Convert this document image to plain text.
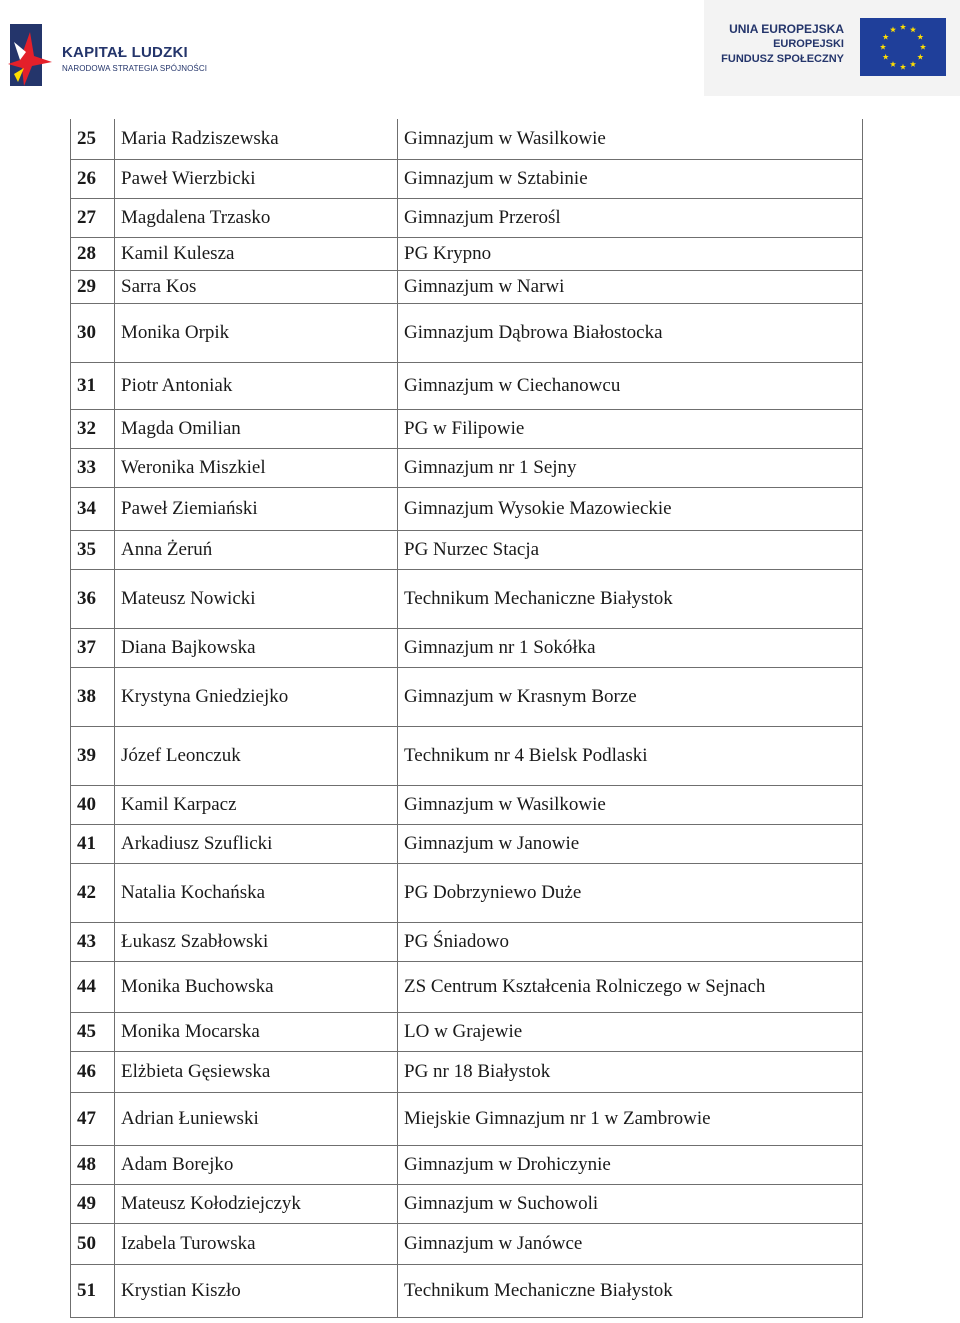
KAPITAŁ LUDZKI
NARODOWA STRATEGIA SPÓJNOŚCI
UNIA EUROPEJSKA
EUROPEJSKI
FUNDUSZ SPOŁECZNY
25	Maria Radziszewska	Gimnazjum w Wasilkowie
26	Paweł Wierzbicki	Gimnazjum w Sztabinie
27	Magdalena Trzasko	Gimnazjum Przerośl
28	Kamil Kulesza	PG Krypno
29	Sarra Kos	Gimnazjum w Narwi
30	Monika Orpik	Gimnazjum Dąbrowa Białostocka
31	Piotr Antoniak	Gimnazjum w Ciechanowcu
32	Magda Omilian	PG w Filipowie
33	Weronika Miszkiel	Gimnazjum nr 1 Sejny
34	Paweł Ziemiański	Gimnazjum Wysokie Mazowieckie
35	Anna Żeruń	PG Nurzec Stacja
36	Mateusz Nowicki	Technikum Mechaniczne Białystok
37	Diana Bajkowska	Gimnazjum nr 1 Sokółka
38	Krystyna Gniedziejko	Gimnazjum w Krasnym Borze
39	Józef Leonczuk	Technikum nr 4 Bielsk Podlaski
40	Kamil Karpacz	Gimnazjum w Wasilkowie
41	Arkadiusz Szuflicki	Gimnazjum w Janowie
42	Natalia Kochańska	PG Dobrzyniewo Duże
43	Łukasz Szabłowski	PG Śniadowo
44	Monika Buchowska	ZS Centrum Kształcenia Rolniczego w Sejnach
45	Monika Mocarska	LO w Grajewie
46	Elżbieta Gęsiewska	PG nr 18 Białystok
47	Adrian Łuniewski	Miejskie Gimnazjum nr 1 w Zambrowie
48	Adam Borejko	Gimnazjum w Drohiczynie
49	Mateusz Kołodziejczyk	Gimnazjum w Suchowoli
50	Izabela Turowska	Gimnazjum w Janówce
51	Krystian Kiszło	Technikum Mechaniczne Białystok
